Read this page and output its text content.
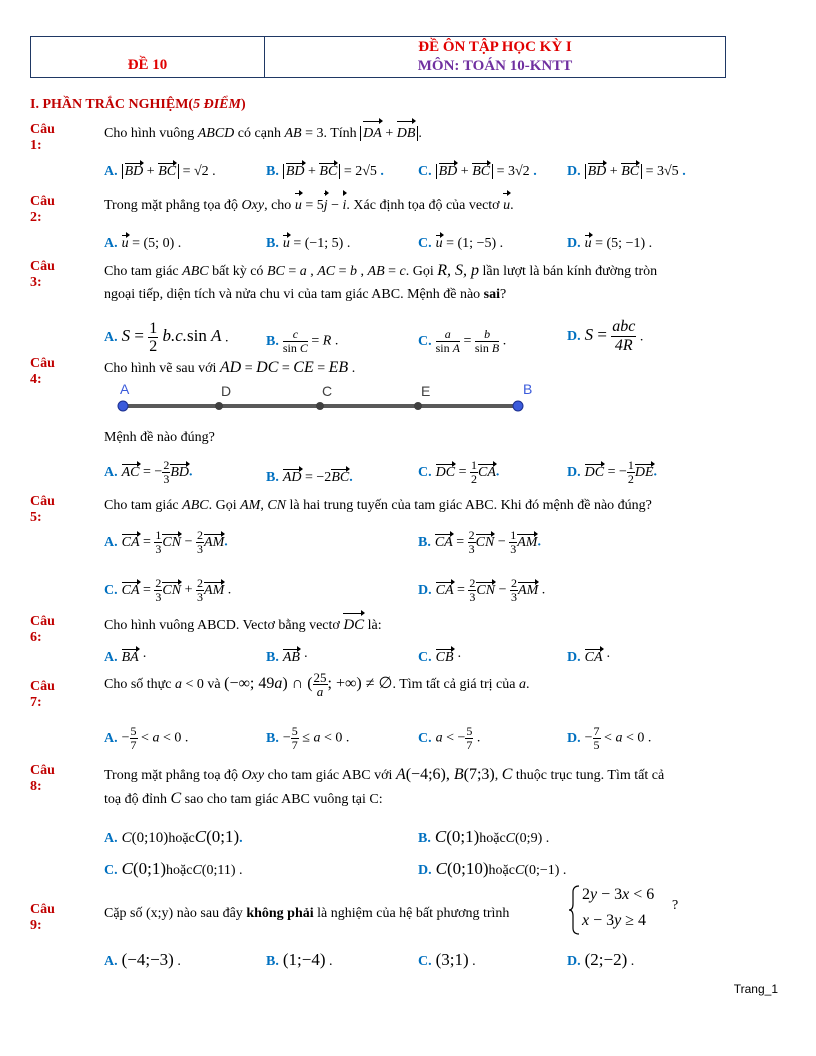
ĐỀ 10
ĐỀ ÔN TẬP HỌC KỲ I
MÔN: TOÁN 10-KNTT
I. PHẦN TRẮC NGHIỆM(5 ĐIỂM)
Câu 1:
Cho hình vuông ABCD có cạnh AB = 3. Tính DA + DB .
A. BD + BC = √2 .	B. BD + BC = 2√5 . C. BD + BC = 3√2 . D. BD + BC = 3√5 .
Câu 2:
Trong mặt phẳng tọa độ Oxy, cho u = 5j − i. Xác định tọa độ của vectơ u.
A. u = (5; 0) .	B. u = (−1; 5) .	C. u = (1; −5) .	D. u = (5; −1) .
Câu 3:
Cho tam giác ABC bất kỳ có BC = a , AC = b , AB = c. Gọi R, S, p lần lượt là bán kính đường tròn
ngoại tiếp, diện tích và nửa chu vi của tam giác ABC. Mệnh đề nào sai?
A. $S = \frac{1}{2} b.c.\sin$ A .	B. $\frac{c}{\text{sin C}} = R$ .	C. $\frac{a}{\text{sin A}} = \frac{b}{\text{sin B}}$ .	D. S = abc
4R
.
Câu 4:
Cho hình vẽ sau với AD = DC = CE = EB .
A	D	C	E	B
Mệnh đề nào đúng?
A. AC = − $\frac{2}{3}$ BD.	B. AD = −2BC.	C. DC = $\frac{1}{2}$ CA.	D. DC = − $\frac{1}{2}$ DE.
Câu 5:
Cho tam giác ABC. Gọi AM, CN là hai trung tuyến của tam giác ABC. Khi đó mệnh đề nào đúng?
A. CA = $\frac{1}{3}$ CN − $\frac{2}{3}$ AM.	B. CA = $\frac{2}{3}$ CN − $\frac{1}{3}$ AM.
C. CA = $\frac{2}{3}$ CN + $\frac{2}{3}$ AM .	D. CA = $\frac{2}{3}$ CN − $\frac{2}{3}$ AM .
Câu 6:
Cho hình vuông ABCD. Vectơ bằng vectơ DC là:
A. BA ·	B. AB ·	C. CB ·	D. CA ·
Câu 7:
Cho số thực a < 0 và (−∞; 49a) ∩ ( $\frac{25}{a}$ ; +∞) ≠ ∅. Tìm tất cả giá trị của a.
A. − $\frac{5}{7} < a < 0$ .	B. − $\frac{5}{7} \le a < 0$ .	C. a < − $\frac{5}{7}$ .	D. − $\frac{7}{5} < a < 0$ .
Câu 8:
Trong mặt phẳng toạ độ Oxy cho tam giác ABC với A(−4;6), B(7;3), C thuộc trục tung. Tìm tất cả
toạ độ đỉnh C sao cho tam giác ABC vuông tại C:
A. C(0;10)hoặcC(0;1).	B. C(0;1)hoặcC(0;9) .
C. C(0;1)hoặcC(0;11) .	D. C(0;10)hoặcC(0;−1) .
Câu 9:
Cặp số (x;y) nào sau đây không phải là nghiệm của hệ bất phương trình
2y − 3x < 6
x − 3y ≥ 4
?
A. (−4;−3) .	B. (1;−4) .	C. (3;1) .	D. (2;−2) .
Trang_1
